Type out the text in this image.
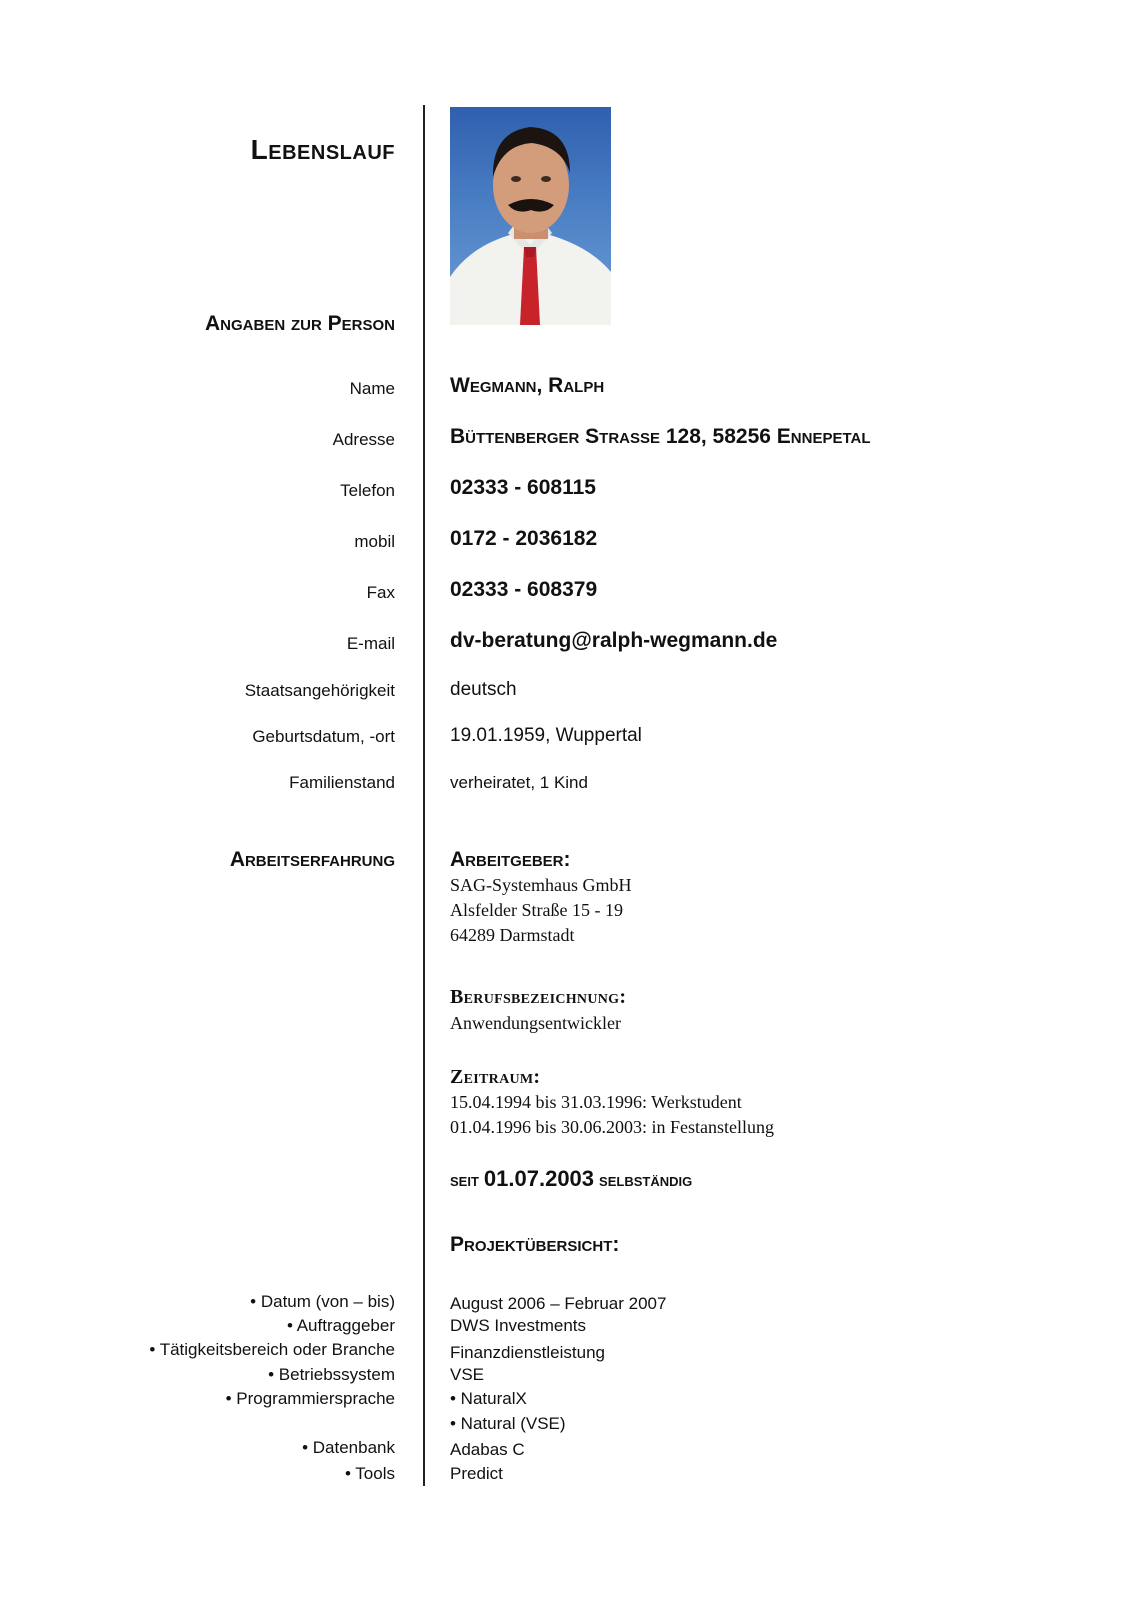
Lebenslauf
Angaben zur Person
Name	Wegmann, Ralph
Adresse	Büttenberger Strasse 128, 58256 Ennepetal
Telefon	02333 - 608115
mobil	0172 - 2036182
Fax	02333 - 608379
E-mail	dv-beratung@ralph-wegmann.de
Staatsangehörigkeit	deutsch
Geburtsdatum, -ort	19.01.1959, Wuppertal
Familienstand	verheiratet, 1 Kind
Arbeitserfahrung	Arbeitgeber:
SAG-Systemhaus GmbH
Alsfelder Straße 15 - 19
64289 Darmstadt
Berufsbezeichnung:
Anwendungsentwickler
Zeitraum:
15.04.1994 bis 31.03.1996: Werkstudent
01.04.1996 bis 30.06.2003: in Festanstellung
seit 01.07.2003 selbständig
Projektübersicht:
• Datum (von – bis)	August 2006 – Februar 2007
• Auftraggeber	DWS Investments
• Tätigkeitsbereich oder Branche	Finanzdienstleistung
• Betriebssystem	VSE
• Programmiersprache	• NaturalX
• Natural (VSE)
• Datenbank	Adabas C
• Tools	Predict
